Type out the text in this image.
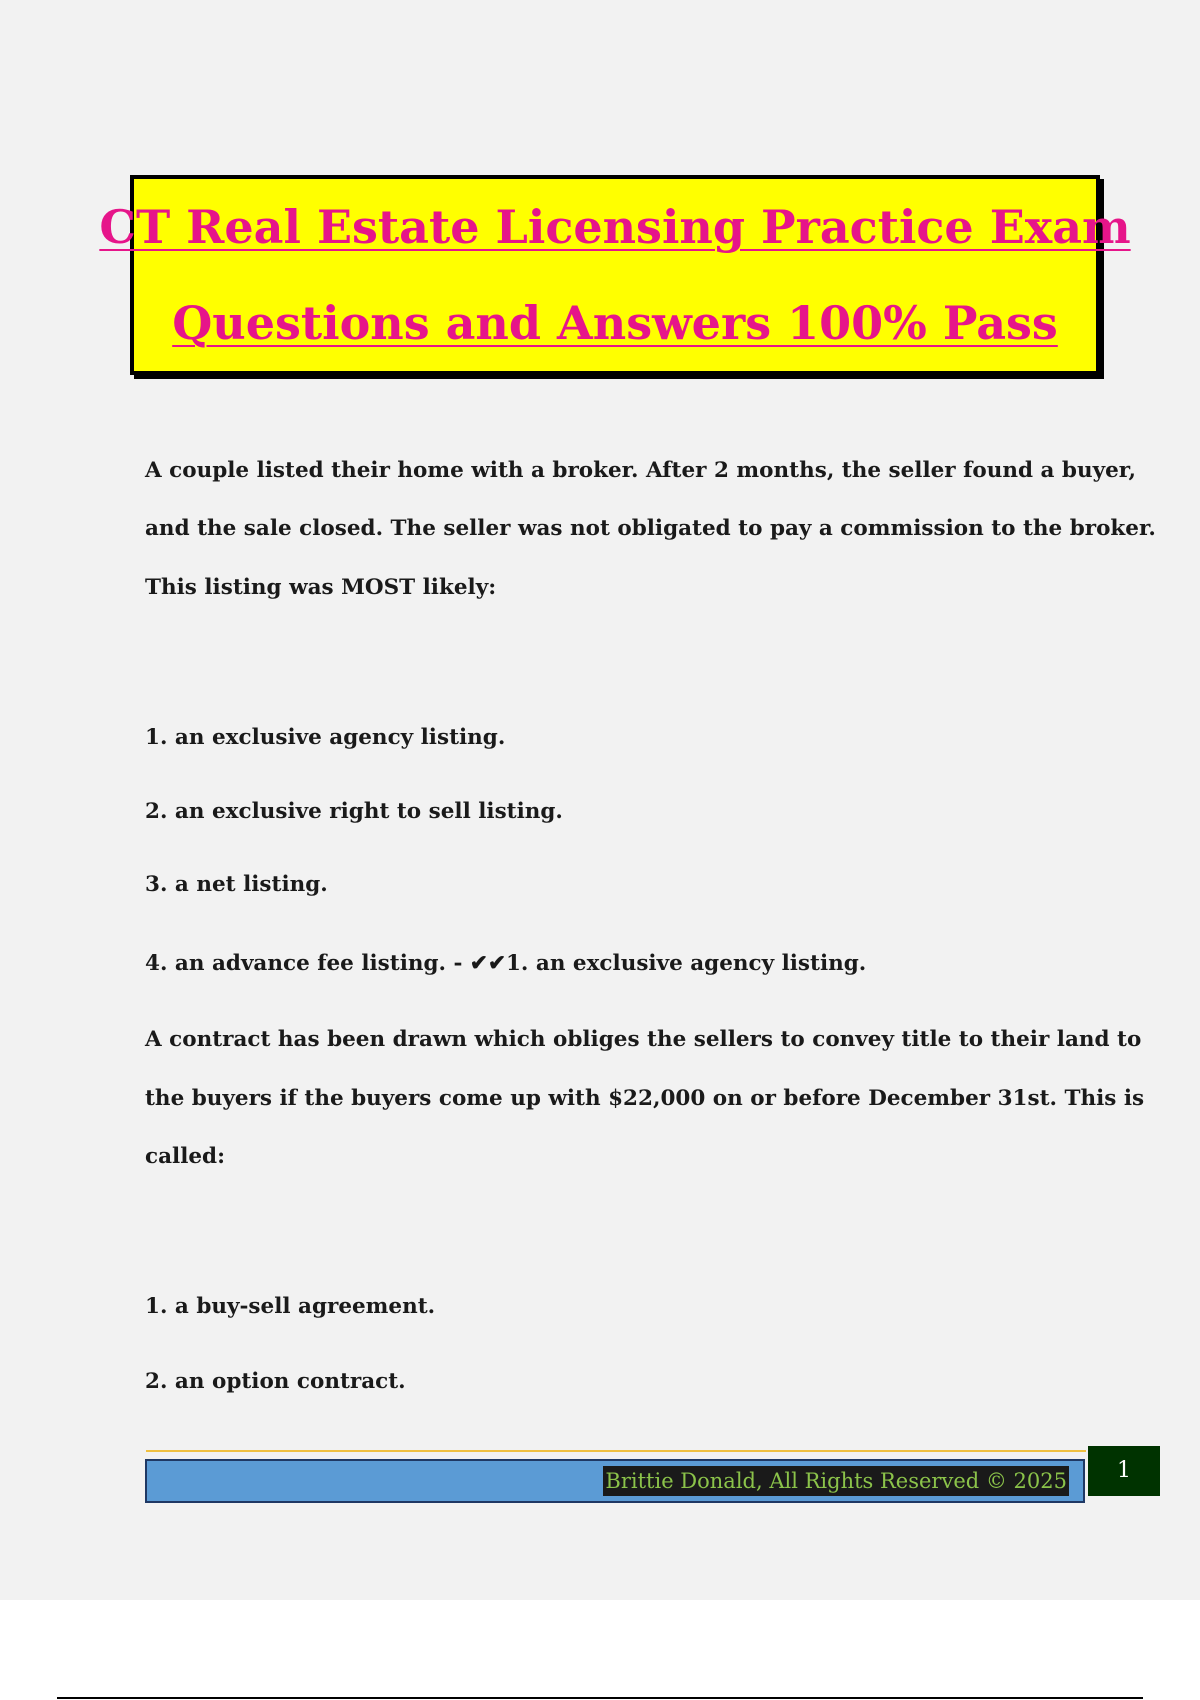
CT Real Estate Licensing Practice Exam
Questions and Answers 100% Pass
A couple listed their home with a broker. After 2 months, the seller found a buyer,
and the sale closed. The seller was not obligated to pay a commission to the broker.
This listing was MOST likely:
1. an exclusive agency listing.
2. an exclusive right to sell listing.
3. a net listing.
4. an advance fee listing. - ✔✔1. an exclusive agency listing.
A contract has been drawn which obliges the sellers to convey title to their land to
the buyers if the buyers come up with $22,000 on or before December 31st. This is
called:
1. a buy-sell agreement.
2. an option contract.
Brittie Donald, All Rights Reserved © 2025	1
